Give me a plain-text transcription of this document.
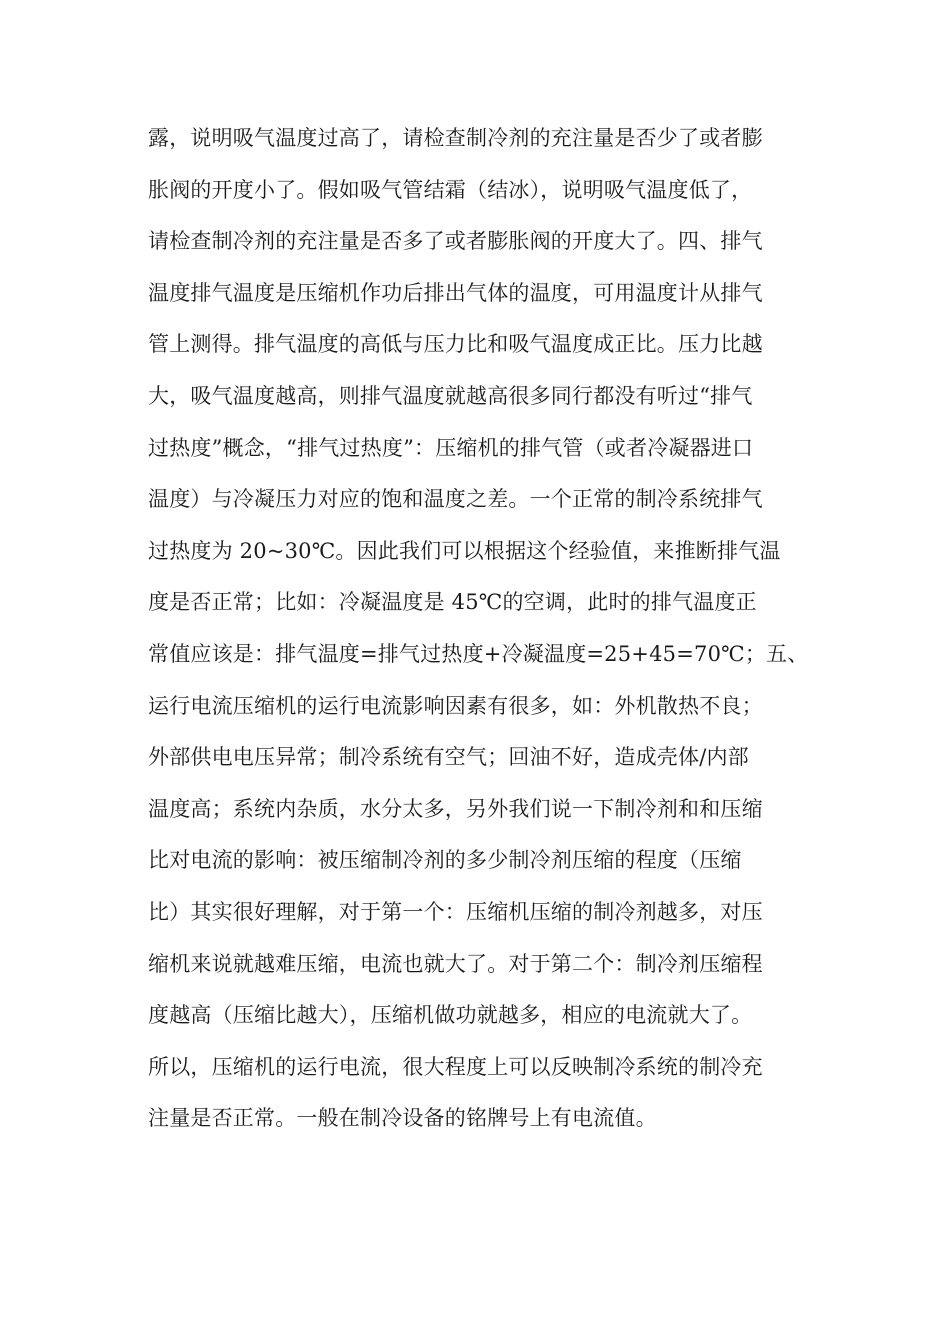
露，说明吸气温度过高了，请检查制冷剂的充注量是否少了或者膨
胀阀的开度小了。假如吸气管结霜（结冰），说明吸气温度低了，
请检查制冷剂的充注量是否多了或者膨胀阀的开度大了。四、排气
温度排气温度是压缩机作功后排出气体的温度，可用温度计从排气
管上测得。排气温度的高低与压力比和吸气温度成正比。压力比越
大，吸气温度越高，则排气温度就越高很多同行都没有听过“排气
过热度”概念，“排气过热度”：压缩机的排气管（或者冷凝器进口
温度）与冷凝压力对应的饱和温度之差。一个正常的制冷系统排气
过热度为 20~30℃。因此我们可以根据这个经验值，来推断排气温
度是否正常；比如：冷凝温度是 45℃的空调，此时的排气温度正
常值应该是：排气温度=排气过热度+冷凝温度=25+45=70℃；五、
运行电流压缩机的运行电流影响因素有很多，如：外机散热不良；
外部供电电压异常；制冷系统有空气；回油不好，造成壳体/内部
温度高；系统内杂质，水分太多，另外我们说一下制冷剂和和压缩
比对电流的影响：被压缩制冷剂的多少制冷剂压缩的程度（压缩
比）其实很好理解，对于第一个：压缩机压缩的制冷剂越多，对压
缩机来说就越难压缩，电流也就大了。对于第二个：制冷剂压缩程
度越高（压缩比越大），压缩机做功就越多，相应的电流就大了。
所以，压缩机的运行电流，很大程度上可以反映制冷系统的制冷充
注量是否正常。一般在制冷设备的铭牌号上有电流值。
